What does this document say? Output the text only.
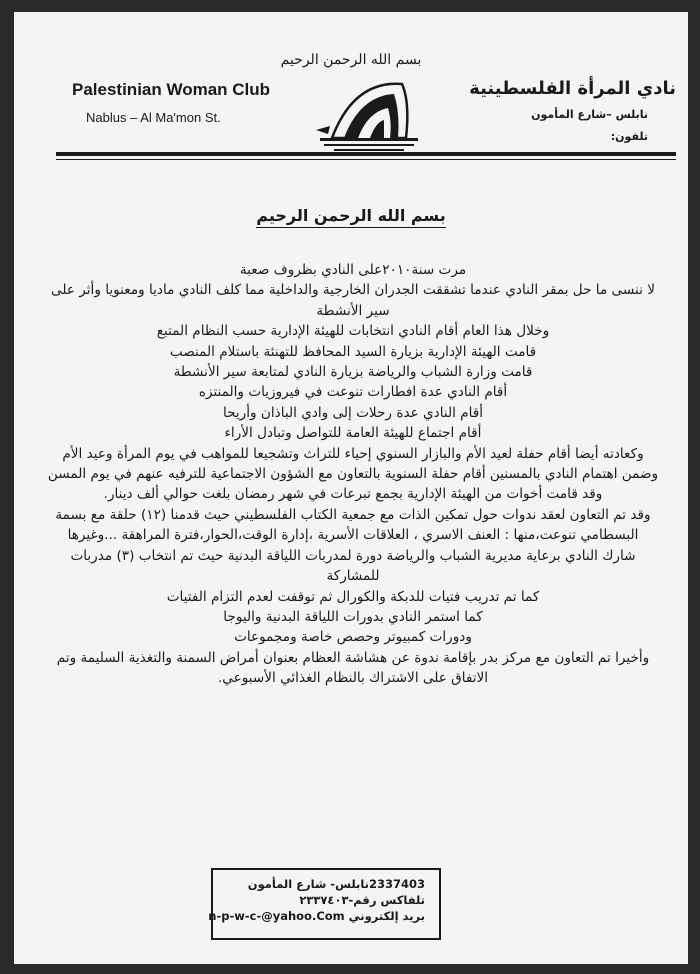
بسم الله الرحمن الرحيم
Palestinian Woman Club
Nablus – Al Ma'mon St.
نادي المرأة الفلسطينية
نابلس –شارع المأمون
تلفون:
بسم الله الرحمن الرحيم

مرت سنة٢٠١٠على النادي بظروف صعبة

لا ننسى ما حل بمقر النادي عندما تشققت الجدران الخارجية والداخلية مما كلف النادي ماديا ومعنويا وأثر على سير الأنشطة

وخلال هذا العام أقام النادي انتخابات للهيئة الإدارية حسب النظام المتبع

قامت الهيئة الإدارية بزيارة السيد المحافظ للتهنئة باستلام المنصب

قامت وزارة الشباب والرياضة بزيارة النادي لمتابعة سير الأنشطة

أقام النادي عدة افطارات تنوعت في فيروزيات والمنتزه

أقام النادي عدة رحلات إلى وادي الباذان وأريحا

أقام اجتماع للهيئة العامة للتواصل وتبادل الأراء

وكعادته أيضا أقام حفلة لعيد الأم والبازار السنوي إحياء للتراث وتشجيعا للمواهب في يوم المرأة وعيد الأم

وضمن اهتمام النادي بالمسنين أقام حفلة السنوية بالتعاون مع الشؤون الاجتماعية للترفيه عنهم في يوم المسن

وقد قامت أخوات من الهيئة الإدارية بجمع تبرعات في شهر رمضان بلغت حوالي ألف دينار.

وقد تم التعاون لعقد ندوات حول تمكين الذات مع جمعية الكتاب الفلسطيني حيث قدمنا (١٢) حلقة مع بسمة البسطامي تنوعت،منها : العنف الاسري ، العلاقات الأسرية ،إدارة الوقت،الحوار،فترة المراهقة ...وغيرها

شارك النادي برعاية مديرية الشباب والرياضة دورة لمدربات اللياقة البدنية حيث تم انتخاب (٣) مدربات للمشاركة

كما تم تدريب فتيات للدبكة والكورال ثم توقفت لعدم التزام الفتيات

كما استمر النادي بدورات اللياقة البدنية واليوجا

ودورات كمبيوتر وحصص خاصة ومجموعات

وأخيرا تم التعاون مع مركز بدر بإقامة ندوة عن هشاشة العظام بعنوان أمراض السمنة والتغذية السليمة وتم الاتفاق على الاشتراك بالنظام الغذائي الأسبوعي.

2337403نابلس- شارع المأمون
تلفاكس رقم-٢٣٣٧٤٠٣
بريد إلكتروني n-p-w-c-@yahoo.Com
